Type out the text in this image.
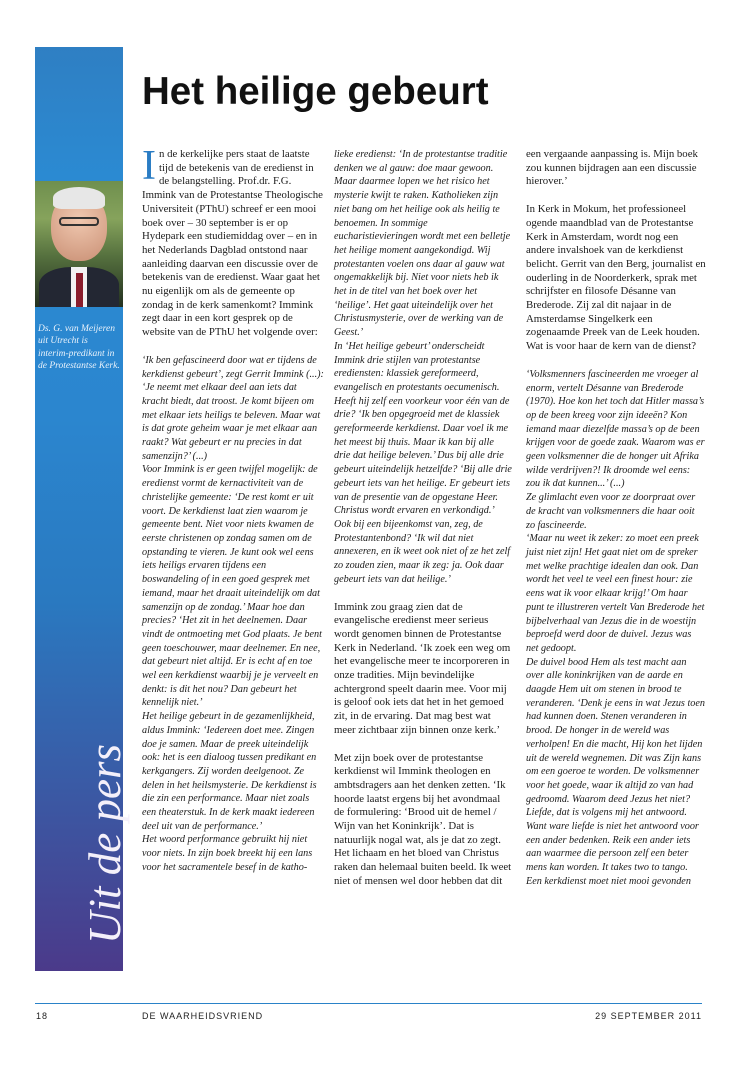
Ds. G. van Meijeren uit Utrecht is interim-predikant in de Protestantse Kerk.
Uit de pers
Het heilige gebeurt

In de kerkelijke pers staat de laatste tijd de betekenis van de eredienst in de belangstelling. Prof.dr. F.G. Immink van de Protestantse Theologische Universiteit (PThU) schreef er een mooi boek over – 30 september is er op Hydepark een studiemiddag over – en in het Nederlands Dagblad ontstond naar aanleiding daarvan een discussie over de betekenis van de eredienst. Waar gaat het nu eigenlijk om als de gemeente op zondag in de kerk samenkomt? Immink zegt daar in een kort gesprek op de website van de PThU het volgende over:

‘Ik ben gefascineerd door wat er tijdens de kerkdienst gebeurt’, zegt Gerrit Immink (...): ‘Je neemt met elkaar deel aan iets dat kracht biedt, dat troost. Je komt bijeen om met elkaar iets heiligs te beleven. Maar wat is dat grote geheim waar je met elkaar aan raakt? Wat gebeurt er nu precies in dat samenzijn?’ (...)

Voor Immink is er geen twijfel mogelijk: de eredienst vormt de kernactiviteit van de christelijke gemeente: ‘De rest komt er uit voort. De kerkdienst laat zien waarom je gemeente bent. Niet voor niets kwamen de eerste christenen op zondag samen om de opstanding te vieren. Je kunt ook wel eens iets heiligs ervaren tijdens een boswandeling of in een goed gesprek met iemand, maar het draait uiteindelijk om dat samenzijn op de zondag.’ Maar hoe dan precies? ‘Het zit in het deelnemen. Daar vindt de ontmoeting met God plaats. Je bent geen toeschouwer, maar deelnemer. En nee, dat gebeurt niet altijd. Er is echt af en toe wel een kerkdienst waarbij je je verveelt en denkt: is dit het nou? Dan gebeurt het kennelijk niet.’

Het heilige gebeurt in de gezamenlijkheid, aldus Immink: ‘Iedereen doet mee. Zingen doe je samen. Maar de preek uiteindelijk ook: het is een dialoog tussen predikant en kerkgangers. Zij worden deelgenoot. Ze delen in het heilsmysterie. De kerkdienst is die zin een performance. Maar niet zoals een theaterstuk. In de kerk maakt iedereen deel uit van de performance.’

Het woord performance gebruikt hij niet voor niets. In zijn boek breekt hij een lans voor het sacramentele besef in de katho-

lieke eredienst: ‘In de protestantse traditie denken we al gauw: doe maar gewoon. Maar daarmee lopen we het risico het mysterie kwijt te raken. Katholieken zijn niet bang om het heilige ook als heilig te benoemen. In sommige eucharistievieringen wordt met een belletje het heilige moment aangekondigd. Wij protestanten voelen ons daar al gauw wat ongemakkelijk bij. Niet voor niets heb ik het in de titel van het boek over het ‘heilige’. Het gaat uiteindelijk over het Christusmysterie, over de werking van de Geest.’

In ‘Het heilige gebeurt’ onderscheidt Immink drie stijlen van protestantse erediensten: klassiek gereformeerd, evangelisch en protestants oecumenisch. Heeft hij zelf een voorkeur voor één van de drie? ‘Ik ben opgegroeid met de klassiek gereformeerde kerkdienst. Daar voel ik me het meest bij thuis. Maar ik kan bij alle drie dat heilige beleven.’ Dus bij alle drie gebeurt uiteindelijk hetzelfde? ‘Bij alle drie gebeurt iets van het heilige. Er gebeurt iets van de presentie van de opgestane Heer. Christus wordt ervaren en verkondigd.’ Ook bij een bijeenkomst van, zeg, de Protestantenbond? ‘Ik wil dat niet annexeren, en ik weet ook niet of ze het zelf zo zouden zien, maar ik zeg: ja. Ook daar gebeurt iets van dat heilige.’

Immink zou graag zien dat de evangelische eredienst meer serieus wordt genomen binnen de Protestantse Kerk in Nederland. ‘Ik zoek een weg om het evangelische meer te incorporeren in onze tradities. Mijn bevindelijke achtergrond speelt daarin mee. Voor mij is geloof ook iets dat het in het gemoed zit, in de ervaring. Dat mag best wat meer zichtbaar zijn binnen onze kerk.’

Met zijn boek over de protestantse kerkdienst wil Immink theologen en ambtsdragers aan het denken zetten. ‘Ik hoorde laatst ergens bij het avondmaal de formulering: ‘Brood uit de hemel / Wijn van het Koninkrijk’. Dat is natuurlijk nogal wat, als je dat zo zegt. Het lichaam en het bloed van Christus raken dan helemaal buiten beeld. Ik weet niet of mensen wel door hebben dat dit

een vergaande aanpassing is. Mijn boek zou kunnen bijdragen aan een discussie hierover.’

In Kerk in Mokum, het professioneel ogende maandblad van de Protestantse Kerk in Amsterdam, wordt nog een andere invalshoek van de kerkdienst belicht. Gerrit van den Berg, journalist en ouderling in de Noorderkerk, sprak met schrijfster en filosofe Désanne van Brederode. Zij zal dit najaar in de Amsterdamse Singelkerk een zogenaamde Preek van de Leek houden. Wat is voor haar de kern van de dienst?

‘Volksmenners fascineerden me vroeger al enorm, vertelt Désanne van Brederode (1970). Hoe kon het toch dat Hitler massa’s op de been kreeg voor zijn ideeën? Kon iemand maar diezelfde massa’s op de been krijgen voor de goede zaak. Waarom was er geen volksmenner die de honger uit Afrika wilde verdrijven?! Ik droomde wel eens: zou ik dat kunnen...’ (...)

Ze glimlacht even voor ze doorpraat over de kracht van volksmenners die haar ooit zo fascineerde.

‘Maar nu weet ik zeker: zo moet een preek juist niet zijn! Het gaat niet om de spreker met welke prachtige idealen dan ook. Dan wordt het veel te veel een finest hour: zie eens wat ik voor elkaar krijg!’ Om haar punt te illustreren vertelt Van Brederode het bijbelverhaal van Jezus die in de woestijn beproefd werd door de duivel. Jezus was net gedoopt.

De duivel bood Hem als test macht aan over alle koninkrijken van de aarde en daagde Hem uit om stenen in brood te veranderen. ‘Denk je eens in wat Jezus toen had kunnen doen. Stenen veranderen in brood. De honger in de wereld was verholpen! En die macht, Hij kon het lijden uit de wereld wegnemen. Dit was Zijn kans om een goeroe te worden. De volksmenner voor het goede, waar ik altijd zo van had gedroomd. Waarom deed Jezus het niet? Liefde, dat is volgens mij het antwoord. Want ware liefde is niet het antwoord voor een ander bedenken. Reik een ander iets aan waarmee die persoon zelf een beter mens kan worden. It takes two to tango.

Een kerkdienst moet niet mooi gevonden

18	DE WAARHEIDSVRIEND	29 SEPTEMBER 2011
